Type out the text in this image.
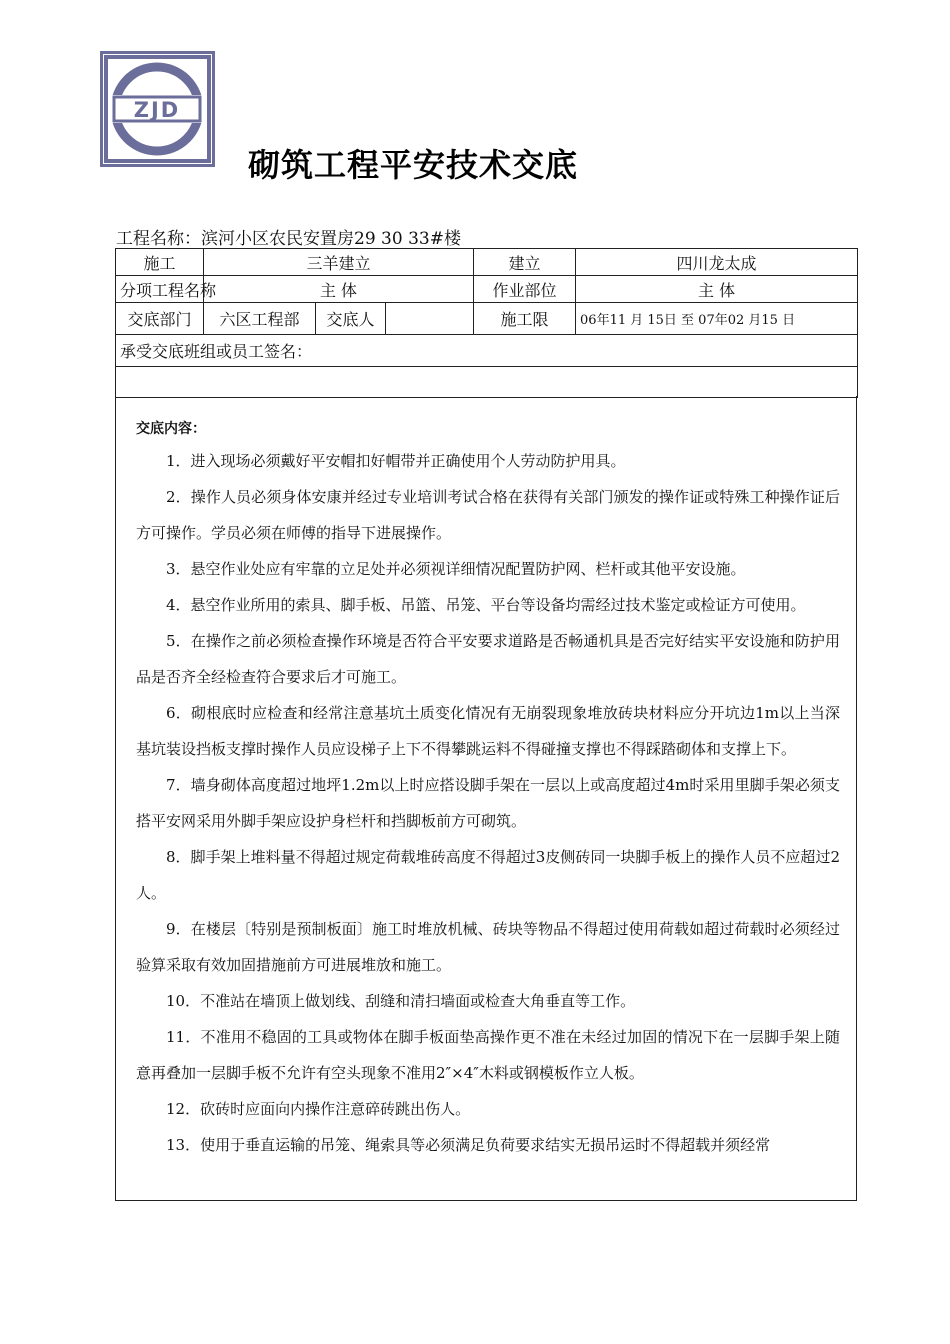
ZJD
砌筑工程平安技术交底
工程名称：滨河小区农民安置房29 30 33#楼
施工	三羊建立			建立	四川龙太成
分项工程名称	主 体			作业部位	主 体
交底部门	六区工程部	交底人		施工限	06年11 月 15日 至 07年02 月15 日
承受交底班组或员工签名：					

交底内容：

1．进入现场必须戴好平安帽扣好帽带并正确使用个人劳动防护用具。

2．操作人员必须身体安康并经过专业培训考试合格在获得有关部门颁发的操作证或特殊工种操作证后方可操作。学员必须在师傅的指导下进展操作。

3．悬空作业处应有牢靠的立足处并必须视详细情况配置防护网、栏杆或其他平安设施。

4．悬空作业所用的索具、脚手板、吊篮、吊笼、平台等设备均需经过技术鉴定或检证方可使用。

5．在操作之前必须检查操作环境是否符合平安要求道路是否畅通机具是否完好结实平安设施和防护用品是否齐全经检查符合要求后才可施工。

6．砌根底时应检查和经常注意基坑土质变化情况有无崩裂现象堆放砖块材料应分开坑边1m以上当深基坑装设挡板支撑时操作人员应设梯子上下不得攀跳运料不得碰撞支撑也不得踩踏砌体和支撑上下。

7．墙身砌体高度超过地坪1.2m以上时应搭设脚手架在一层以上或高度超过4m时采用里脚手架必须支搭平安网采用外脚手架应设护身栏杆和挡脚板前方可砌筑。

8．脚手架上堆料量不得超过规定荷载堆砖高度不得超过3皮侧砖同一块脚手板上的操作人员不应超过2人。

9．在楼层〔特别是预制板面〕施工时堆放机械、砖块等物品不得超过使用荷载如超过荷载时必须经过验算采取有效加固措施前方可进展堆放和施工。

10．不准站在墙顶上做划线、刮缝和清扫墙面或检查大角垂直等工作。

11．不准用不稳固的工具或物体在脚手板面垫高操作更不准在未经过加固的情况下在一层脚手架上随意再叠加一层脚手板不允许有空头现象不准用2″×4″木料或钢模板作立人板。

12．砍砖时应面向内操作注意碎砖跳出伤人。

13．使用于垂直运输的吊笼、绳索具等必须满足负荷要求结实无损吊运时不得超载并须经常
